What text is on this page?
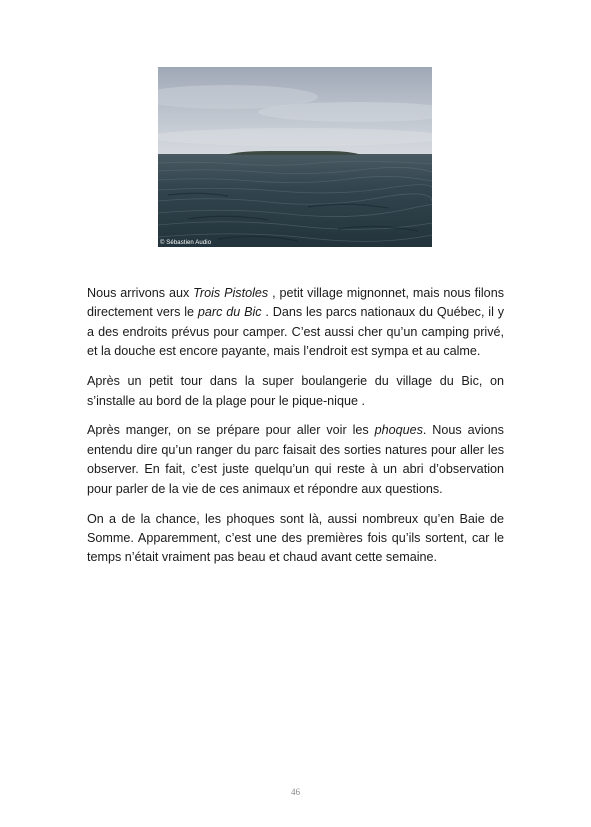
© Sébastien Audio

Nous arrivons aux Trois Pistoles , petit village mignonnet, mais nous filons directement vers le parc du Bic . Dans les parcs nationaux du Québec, il y a des endroits prévus pour camper. C’est aussi cher qu’un camping privé, et la douche est encore payante, mais l’endroit est sympa et au calme.

Après un petit tour dans la super boulangerie du village du Bic, on s’installe au bord de la plage pour le pique-nique .

Après manger, on se prépare pour aller voir les phoques. Nous avions entendu dire qu’un ranger du parc faisait des sorties natures pour aller les observer. En fait, c’est juste quelqu’un qui reste à un abri d’observation pour parler de la vie de ces animaux et répondre aux questions.

On a de la chance, les phoques sont là, aussi nombreux qu’en Baie de Somme. Apparemment, c’est une des premières fois qu’ils sortent, car le temps n’était vraiment pas beau et chaud avant cette semaine.

46
